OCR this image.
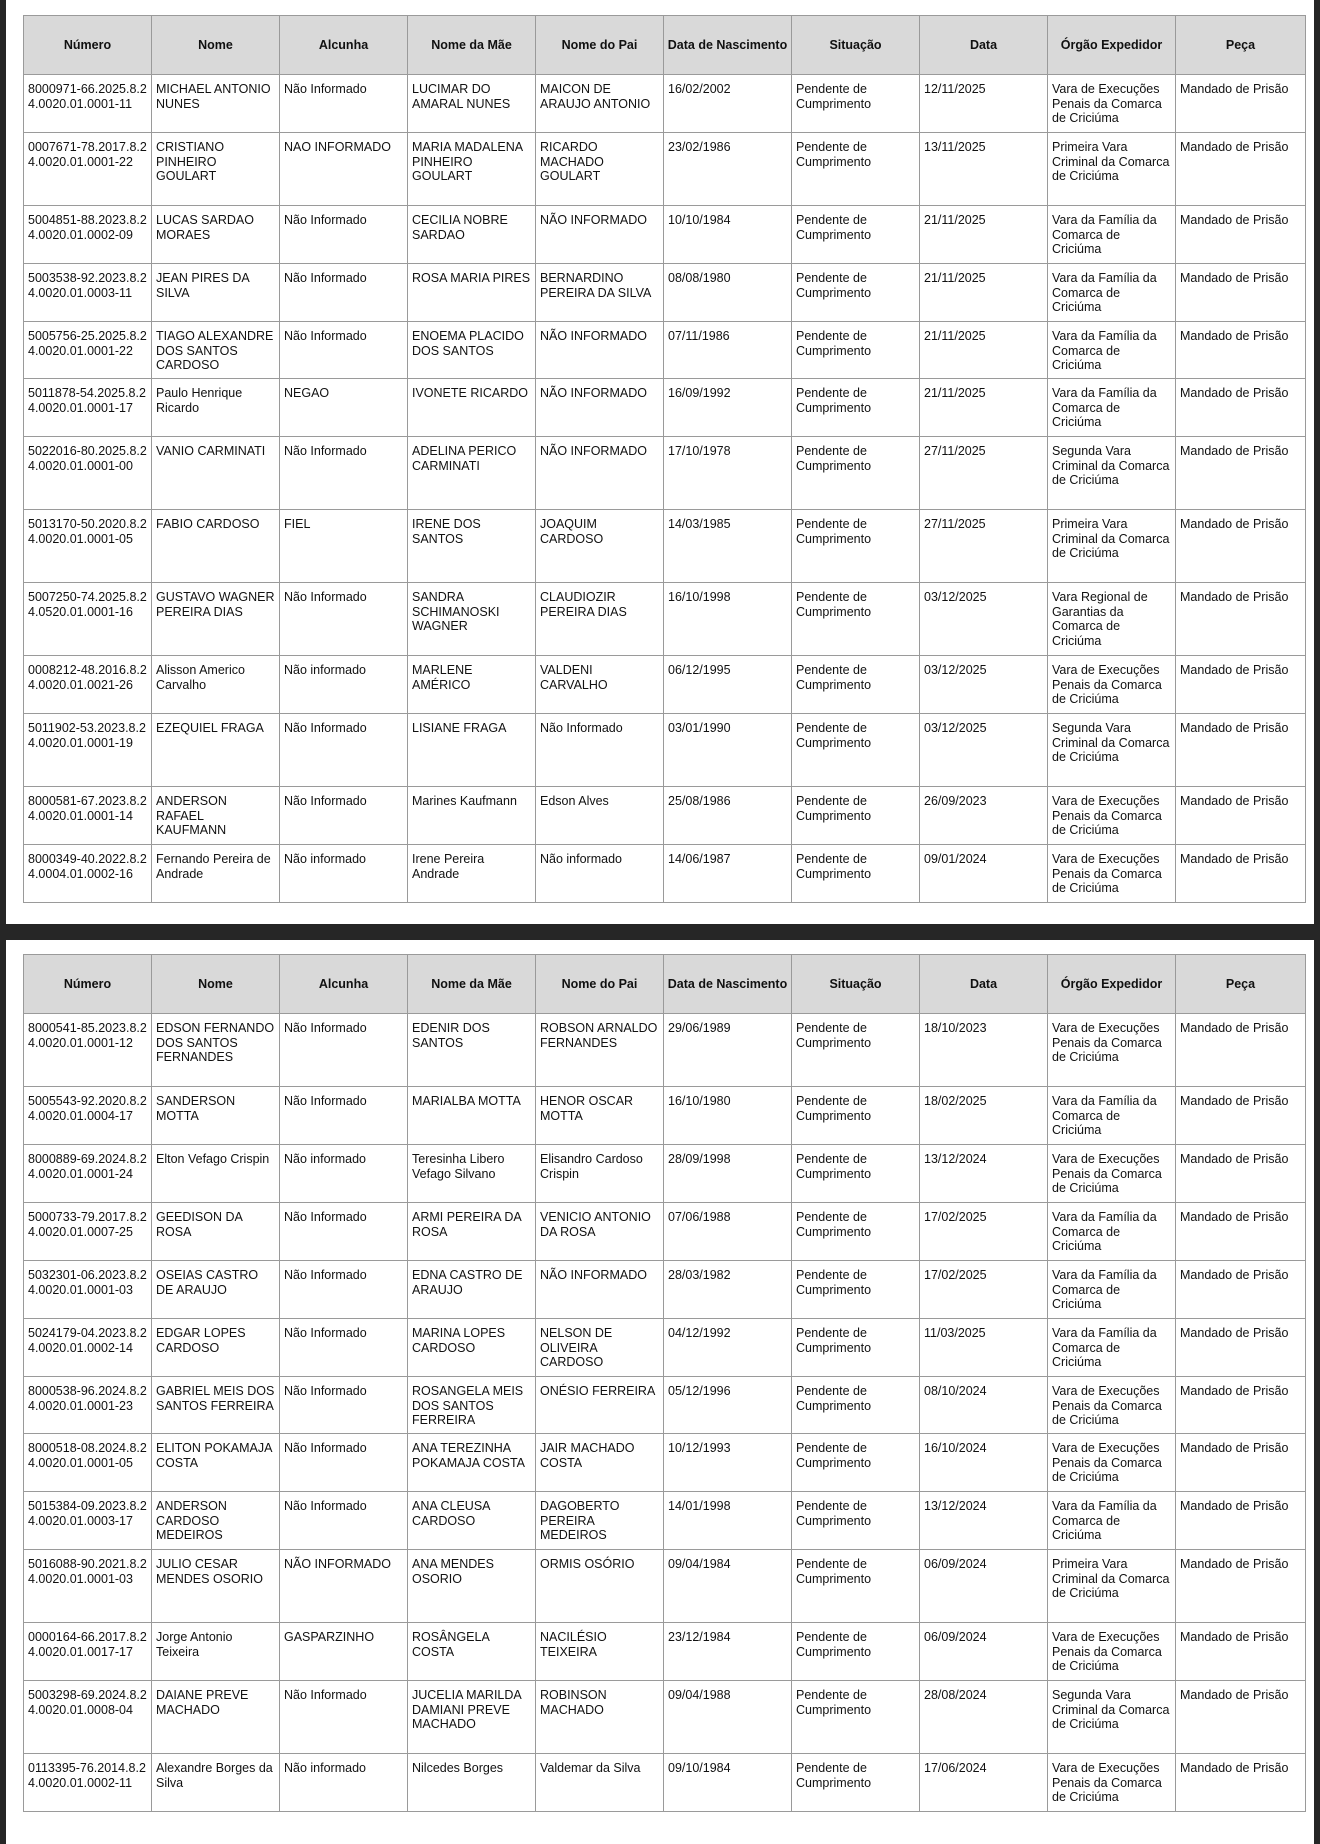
Número	Nome	Alcunha	Nome da Mãe	Nome do Pai	Data de Nascimento	Situação	Data	Órgão Expedidor	Peça
8000971-66.2025.8.24.0020.01.0001-11	MICHAEL ANTONIO NUNES	Não Informado	LUCIMAR DO AMARAL NUNES	MAICON DE ARAUJO ANTONIO	16/02/2002	Pendente de Cumprimento	12/11/2025	Vara de Execuções Penais da Comarca de Criciúma	Mandado de Prisão
0007671-78.2017.8.24.0020.01.0001-22	CRISTIANO PINHEIRO GOULART	NAO INFORMADO	MARIA MADALENA PINHEIRO GOULART	RICARDO MACHADO GOULART	23/02/1986	Pendente de Cumprimento	13/11/2025	Primeira Vara Criminal da Comarca de Criciúma	Mandado de Prisão
5004851-88.2023.8.24.0020.01.0002-09	LUCAS SARDAO MORAES	Não Informado	CECILIA NOBRE SARDAO	NÃO INFORMADO	10/10/1984	Pendente de Cumprimento	21/11/2025	Vara da Família da Comarca de Criciúma	Mandado de Prisão
5003538-92.2023.8.24.0020.01.0003-11	JEAN PIRES DA SILVA	Não Informado	ROSA MARIA PIRES	BERNARDINO PEREIRA DA SILVA	08/08/1980	Pendente de Cumprimento	21/11/2025	Vara da Família da Comarca de Criciúma	Mandado de Prisão
5005756-25.2025.8.24.0020.01.0001-22	TIAGO ALEXANDRE DOS SANTOS CARDOSO	Não Informado	ENOEMA PLACIDO DOS SANTOS	NÃO INFORMADO	07/11/1986	Pendente de Cumprimento	21/11/2025	Vara da Família da Comarca de Criciúma	Mandado de Prisão
5011878-54.2025.8.24.0020.01.0001-17	Paulo Henrique Ricardo	NEGAO	IVONETE RICARDO	NÃO INFORMADO	16/09/1992	Pendente de Cumprimento	21/11/2025	Vara da Família da Comarca de Criciúma	Mandado de Prisão
5022016-80.2025.8.24.0020.01.0001-00	VANIO CARMINATI	Não Informado	ADELINA PERICO CARMINATI	NÃO INFORMADO	17/10/1978	Pendente de Cumprimento	27/11/2025	Segunda Vara Criminal da Comarca de Criciúma	Mandado de Prisão
5013170-50.2020.8.24.0020.01.0001-05	FABIO CARDOSO	FIEL	IRENE DOS SANTOS	JOAQUIM CARDOSO	14/03/1985	Pendente de Cumprimento	27/11/2025	Primeira Vara Criminal da Comarca de Criciúma	Mandado de Prisão
5007250-74.2025.8.24.0520.01.0001-16	GUSTAVO WAGNER PEREIRA DIAS	Não Informado	SANDRA SCHIMANOSKI WAGNER	CLAUDIOZIR PEREIRA DIAS	16/10/1998	Pendente de Cumprimento	03/12/2025	Vara Regional de Garantias da Comarca de Criciúma	Mandado de Prisão
0008212-48.2016.8.24.0020.01.0021-26	Alisson Americo Carvalho	Não informado	MARLENE AMÉRICO	VALDENI CARVALHO	06/12/1995	Pendente de Cumprimento	03/12/2025	Vara de Execuções Penais da Comarca de Criciúma	Mandado de Prisão
5011902-53.2023.8.24.0020.01.0001-19	EZEQUIEL FRAGA	Não Informado	LISIANE FRAGA	Não Informado	03/01/1990	Pendente de Cumprimento	03/12/2025	Segunda Vara Criminal da Comarca de Criciúma	Mandado de Prisão
8000581-67.2023.8.24.0020.01.0001-14	ANDERSON RAFAEL KAUFMANN	Não Informado	Marines Kaufmann	Edson Alves	25/08/1986	Pendente de Cumprimento	26/09/2023	Vara de Execuções Penais da Comarca de Criciúma	Mandado de Prisão
8000349-40.2022.8.24.0004.01.0002-16	Fernando Pereira de Andrade	Não informado	Irene Pereira Andrade	Não informado	14/06/1987	Pendente de Cumprimento	09/01/2024	Vara de Execuções Penais da Comarca de Criciúma	Mandado de Prisão
Número	Nome	Alcunha	Nome da Mãe	Nome do Pai	Data de Nascimento	Situação	Data	Órgão Expedidor	Peça
8000541-85.2023.8.24.0020.01.0001-12	EDSON FERNANDO DOS SANTOS FERNANDES	Não Informado	EDENIR DOS SANTOS	ROBSON ARNALDO FERNANDES	29/06/1989	Pendente de Cumprimento	18/10/2023	Vara de Execuções Penais da Comarca de Criciúma	Mandado de Prisão
5005543-92.2020.8.24.0020.01.0004-17	SANDERSON MOTTA	Não Informado	MARIALBA MOTTA	HENOR OSCAR MOTTA	16/10/1980	Pendente de Cumprimento	18/02/2025	Vara da Família da Comarca de Criciúma	Mandado de Prisão
8000889-69.2024.8.24.0020.01.0001-24	Elton Vefago Crispin	Não informado	Teresinha Libero Vefago Silvano	Elisandro Cardoso Crispin	28/09/1998	Pendente de Cumprimento	13/12/2024	Vara de Execuções Penais da Comarca de Criciúma	Mandado de Prisão
5000733-79.2017.8.24.0020.01.0007-25	GEEDISON DA ROSA	Não Informado	ARMI PEREIRA DA ROSA	VENICIO ANTONIO DA ROSA	07/06/1988	Pendente de Cumprimento	17/02/2025	Vara da Família da Comarca de Criciúma	Mandado de Prisão
5032301-06.2023.8.24.0020.01.0001-03	OSEIAS CASTRO DE ARAUJO	Não Informado	EDNA CASTRO DE ARAUJO	NÃO INFORMADO	28/03/1982	Pendente de Cumprimento	17/02/2025	Vara da Família da Comarca de Criciúma	Mandado de Prisão
5024179-04.2023.8.24.0020.01.0002-14	EDGAR LOPES CARDOSO	Não Informado	MARINA LOPES CARDOSO	NELSON DE OLIVEIRA CARDOSO	04/12/1992	Pendente de Cumprimento	11/03/2025	Vara da Família da Comarca de Criciúma	Mandado de Prisão
8000538-96.2024.8.24.0020.01.0001-23	GABRIEL MEIS DOS SANTOS FERREIRA	Não Informado	ROSANGELA MEIS DOS SANTOS FERREIRA	ONÉSIO FERREIRA	05/12/1996	Pendente de Cumprimento	08/10/2024	Vara de Execuções Penais da Comarca de Criciúma	Mandado de Prisão
8000518-08.2024.8.24.0020.01.0001-05	ELITON POKAMAJA COSTA	Não Informado	ANA TEREZINHA POKAMAJA COSTA	JAIR MACHADO COSTA	10/12/1993	Pendente de Cumprimento	16/10/2024	Vara de Execuções Penais da Comarca de Criciúma	Mandado de Prisão
5015384-09.2023.8.24.0020.01.0003-17	ANDERSON CARDOSO MEDEIROS	Não Informado	ANA CLEUSA CARDOSO	DAGOBERTO PEREIRA MEDEIROS	14/01/1998	Pendente de Cumprimento	13/12/2024	Vara da Família da Comarca de Criciúma	Mandado de Prisão
5016088-90.2021.8.24.0020.01.0001-03	JULIO CESAR MENDES OSORIO	NÃO INFORMADO	ANA MENDES OSORIO	ORMIS OSÓRIO	09/04/1984	Pendente de Cumprimento	06/09/2024	Primeira Vara Criminal da Comarca de Criciúma	Mandado de Prisão
0000164-66.2017.8.24.0020.01.0017-17	Jorge Antonio Teixeira	GASPARZINHO	ROSÂNGELA COSTA	NACILÉSIO TEIXEIRA	23/12/1984	Pendente de Cumprimento	06/09/2024	Vara de Execuções Penais da Comarca de Criciúma	Mandado de Prisão
5003298-69.2024.8.24.0020.01.0008-04	DAIANE PREVE MACHADO	Não Informado	JUCELIA MARILDA DAMIANI PREVE MACHADO	ROBINSON MACHADO	09/04/1988	Pendente de Cumprimento	28/08/2024	Segunda Vara Criminal da Comarca de Criciúma	Mandado de Prisão
0113395-76.2014.8.24.0020.01.0002-11	Alexandre Borges da Silva	Não informado	Nilcedes Borges	Valdemar da Silva	09/10/1984	Pendente de Cumprimento	17/06/2024	Vara de Execuções Penais da Comarca de Criciúma	Mandado de Prisão
